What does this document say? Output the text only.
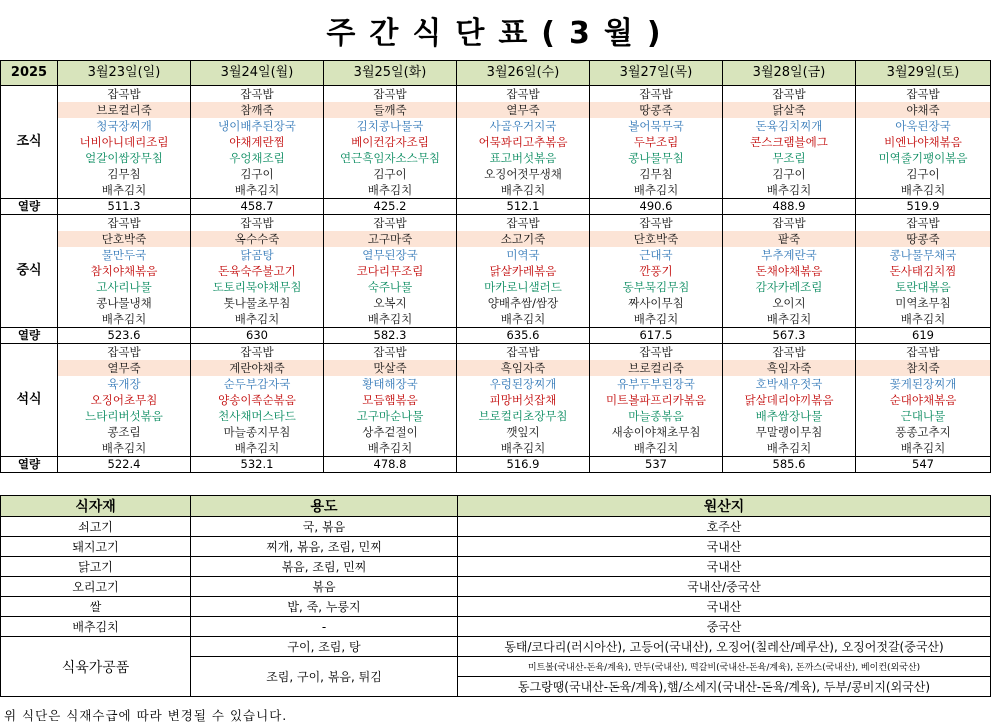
주간식단표(3월)
2025	3월23일(일)	3월24일(월)	3월25일(화)	3월26일(수)	3월27일(목)	3월28일(금)	3월29일(토)
조식	잡곡밥	잡곡밥	잡곡밥	잡곡밥	잡곡밥	잡곡밥	잡곡밥
	브로컬리죽	참깨죽	들깨죽	열무죽	땅콩죽	닭살죽	야채죽
	청국장찌개	냉이배추된장국	김치콩나물국	사골우거지국	볼어묵무국	돈육김치찌개	아욱된장국
	너비아니데리조림	야채계란찜	베이컨감자조림	어묵꽈리고추볶음	두부조림	콘스크램블에그	비엔나야채볶음
	얼갈이쌈장무침	우엉채조림	연근흑임자소스무침	표고버섯볶음	콩나물무침	무조림	미역줄기팽이볶음
	김무침	김구이	김구이	오징어젓무생채	김무침	김구이	김구이
	배추김치	배추김치	배추김치	배추김치	배추김치	배추김치	배추김치
열량	511.3	458.7	425.2	512.1	490.6	488.9	519.9
중식	잡곡밥	잡곡밥	잡곡밥	잡곡밥	잡곡밥	잡곡밥	잡곡밥
	단호박죽	옥수수죽	고구마죽	소고기죽	단호박죽	팥죽	땅콩죽
	물만두국	닭곰탕	열무된장국	미역국	근대국	부추계란국	콩나물무채국
	참치야채볶음	돈육숙주불고기	코다리무조림	닭살카레볶음	깐풍기	돈채야채볶음	돈사태김치찜
	고사리나물	도토리묵야채무침	숙주나물	마카로니샐러드	동부묵김무침	감자카레조림	토란대볶음
	콩나물냉채	톳나물초무침	오복지	양배추쌈/쌈장	짜사이무침	오이지	미역초무침
	배추김치	배추김치	배추김치	배추김치	배추김치	배추김치	배추김치
열량	523.6	630	582.3	635.6	617.5	567.3	619
석식	잡곡밥	잡곡밥	잡곡밥	잡곡밥	잡곡밥	잡곡밥	잡곡밥
	열무죽	계란야채죽	맛살죽	흑임자죽	브로컬리죽	흑임자죽	참치죽
	육개장	순두부감자국	황태해장국	우렁된장찌개	유부두부된장국	호박새우젓국	꽃게된장찌개
	오징어초무침	양송이족순볶음	모듬햄볶음	피망버섯잡채	미트볼파프리카볶음	닭살데리야끼볶음	순대야채볶음
	느타리버섯볶음	천사채머스타드	고구마순나물	브로컬리초장무침	마늘종볶음	배추쌈장나물	근대나물
	콩조림	마늘종지무침	상추겉절이	깻잎지	새송이야채초무침	무말랭이무침	풍종고추지
	배추김치	배추김치	배추김치	배추김치	배추김치	배추김치	배추김치
열량	522.4	532.1	478.8	516.9	537	585.6	547
식자재	용도	원산지
쇠고기	국, 볶음	호주산
돼지고기	찌개, 볶음, 조림, 민찌	국내산
닭고기	볶음, 조림, 민찌	국내산
오리고기	볶음	국내산/중국산
쌀	밥, 죽, 누룽지	국내산
배추김치	-	중국산
식육가공품	구이, 조림, 탕	동태/코다리(러시아산), 고등어(국내산), 오징어(칠레산/페루산), 오징어젓갈(중국산)
	조림, 구이, 볶음, 튀김	미트볼(국내산-돈육/계육), 만두(국내산), 떡갈비(국내산-돈육/계육), 돈까스(국내산), 베이컨(외국산)
		동그랑땡(국내산-돈육/계육),햄/소세지(국내산-돈육/계육), 두부/콩비지(외국산)
위 식단은 식재수급에 따라 변경될 수 있습니다.
